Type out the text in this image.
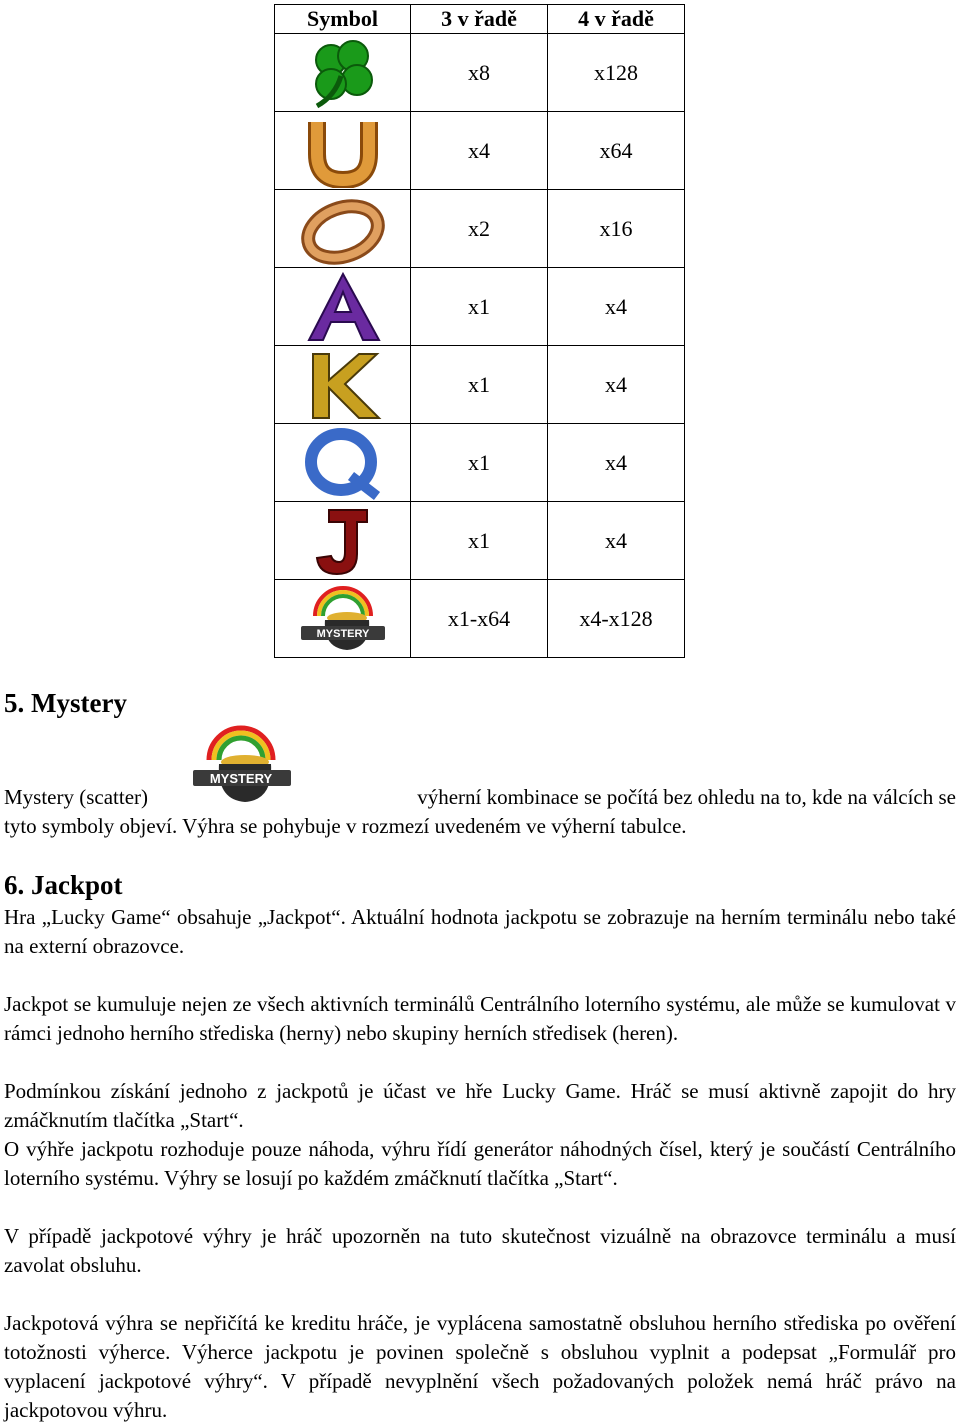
Symbol	3 v řadě	4 v řadě

	x8	x128

	x4	x64

	x2	x16

	x1	x4

	x1	x4

	x1	x4

	x1	x4

MYSTERY	x1-x64	x4-x128
5. Mystery
MYSTERY

Mystery (scatter)	výherní kombinace se počítá bez ohledu na to, kde na válcích se

tyto symboly objeví. Výhra se pohybuje v rozmezí uvedeném ve výherní tabulce.

6. Jackpot

Hra „Lucky Game“ obsahuje „Jackpot“. Aktuální hodnota jackpotu se zobrazuje na herním terminálu nebo také na externí obrazovce.

Jackpot se kumuluje nejen ze všech aktivních terminálů Centrálního loterního systému, ale může se kumulovat v rámci jednoho herního střediska (herny) nebo skupiny herních středisek (heren).

Podmínkou získání jednoho z jackpotů je účast ve hře Lucky Game. Hráč se musí aktivně zapojit do hry zmáčknutím tlačítka „Start“.

O výhře jackpotu rozhoduje pouze náhoda, výhru řídí generátor náhodných čísel, který je součástí Centrálního loterního systému. Výhry se losují po každém zmáčknutí tlačítka „Start“.

V případě jackpotové výhry je hráč upozorněn na tuto skutečnost vizuálně na obrazovce terminálu a musí zavolat obsluhu.

Jackpotová výhra se nepřičítá ke kreditu hráče, je vyplácena samostatně obsluhou herního střediska po ověření totožnosti výherce. Výherce jackpotu je povinen společně s obsluhou vyplnit a podepsat „Formulář pro vyplacení jackpotové výhry“. V případě nevyplnění všech požadovaných položek nemá hráč právo na jackpotovou výhru.
